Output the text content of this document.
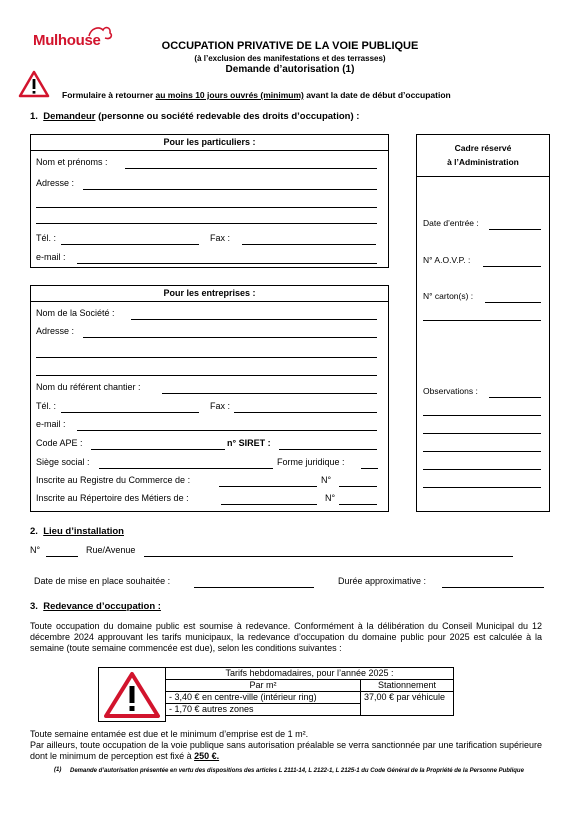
Mulhouse	OCCUPATION PRIVATIVE DE LA VOIE PUBLIQUE
(à l’exclusion des manifestations et des terrasses)
Demande d’autorisation (1)
Formulaire à retourner au moins 10 jours ouvrés (minimum) avant la date de début d’occupation
1. Demandeur (personne ou société redevable des droits d’occupation) :
Pour les particuliers :
Nom et prénoms :
Adresse :
Tél. :	Fax :
e-mail :
Pour les entreprises :
Nom de la Société :
Adresse :
Nom du référent chantier :
Tél. :	Fax :
e-mail :
Code APE :	n° SIRET :
Siège social :	Forme juridique :
Inscrite au Registre du Commerce de :	N°
Inscrite au Répertoire des Métiers de :	N°
Cadre réservé
à l’Administration
Date d’entrée :
N° A.O.V.P. :
N° carton(s) :
Observations :
2. Lieu d’installation
N°	Rue/Avenue
Date de mise en place souhaitée :	Durée approximative :
3. Redevance d’occupation :
Toute occupation du domaine public est soumise à redevance. Conformément à la délibération du Conseil Municipal du 12 décembre 2024 approuvant les tarifs municipaux, la redevance d’occupation du domaine public pour 2025 est calculée à la semaine (toute semaine commencée est due), selon les conditions suivantes :
Tarifs hebdomadaires, pour l’année 2025 :	
Par m²	Stationnement
- 3,40 € en centre-ville (intérieur ring)	37,00 € par véhicule
- 1,70 € autres zones	
Toute semaine entamée est due et le minimum d’emprise est de 1 m².
Par ailleurs, toute occupation de la voie publique sans autorisation préalable se verra sanctionnée par une tarification supérieure dont le minimum de perception est fixé à 250 €.
(1) Demande d’autorisation présentée en vertu des dispositions des articles L 2111-14, L 2122-1, L 2125-1 du Code Général de la Propriété de la Personne Publique
